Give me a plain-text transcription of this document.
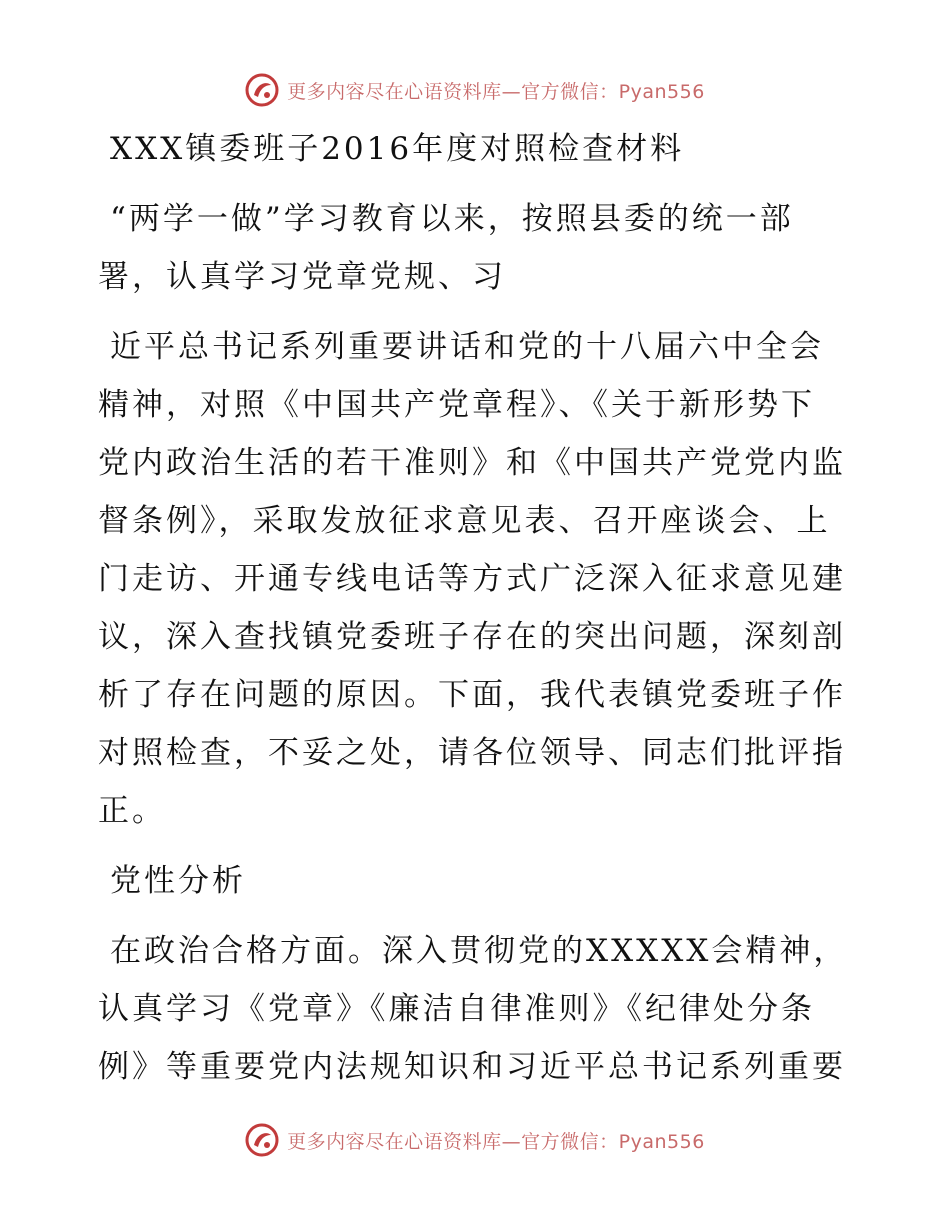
更多内容尽在心语资料库—官方微信：Pyan556
XXX镇委班子2016年度对照检查材料
“两学一做”学习教育以来，按照县委的统一部
署，认真学习党章党规、习
近平总书记系列重要讲话和党的十八届六中全会
精神，对照《中国共产党章程》、《关于新形势下
党内政治生活的若干准则》和《中国共产党党内监
督条例》，采取发放征求意见表、召开座谈会、上
门走访、开通专线电话等方式广泛深入征求意见建
议，深入查找镇党委班子存在的突出问题，深刻剖
析了存在问题的原因。下面，我代表镇党委班子作
对照检查，不妥之处，请各位领导、同志们批评指
正。
党性分析
在政治合格方面。深入贯彻党的XXXXX会精神，
认真学习《党章》《廉洁自律准则》《纪律处分条
例》等重要党内法规知识和习近平总书记系列重要
更多内容尽在心语资料库—官方微信：Pyan556
